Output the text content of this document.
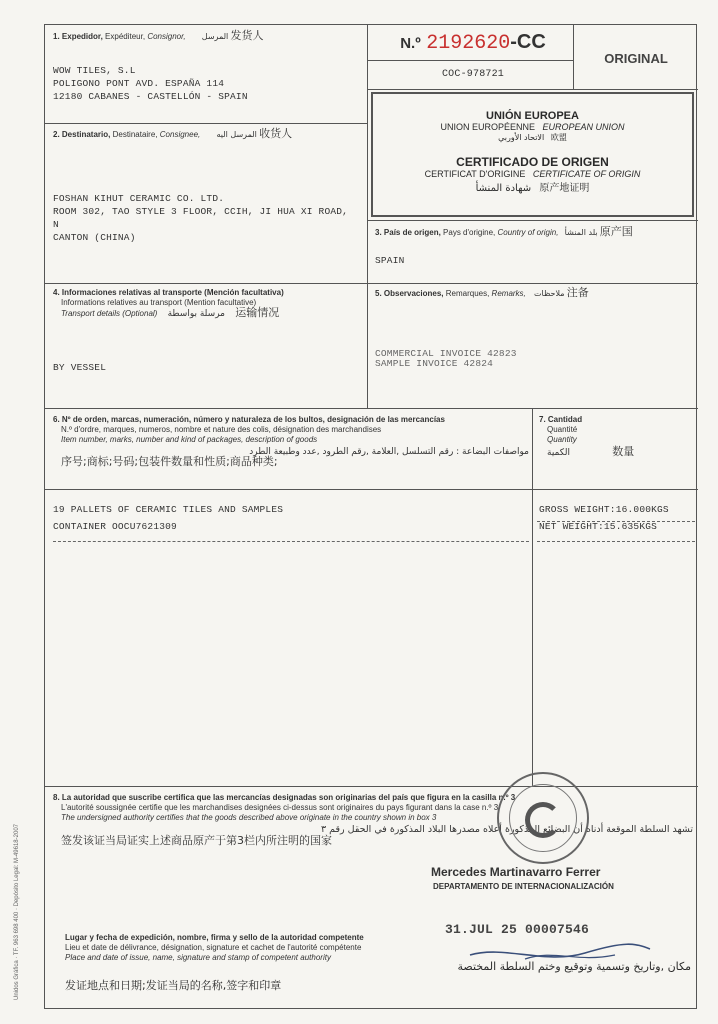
Unidos Gráfica · TF. 963 698 400 · Depósito Legal: M-49618-2007
1. Expedidor, Expéditeur, Consignor, المرسل 发货人
WOW TILES, S.L
POLIGONO PONT AVD. ESPAÑA 114
12180 CABANES - CASTELLÓN - SPAIN
2. Destinatario, Destinataire, Consignee, المرسل اليه 收货人
FOSHAN KIHUT CERAMIC CO. LTD.
ROOM 302, TAO STYLE 3 FLOOR, CCIH, JI HUA XI ROAD,
N
CANTON (CHINA)
N.º 2192620-CC
COC-978721
ORIGINAL
UNIÓN EUROPEA
UNION EUROPÉENNE EUROPEAN UNION
الاتحاد الأوربي 欧盟
CERTIFICADO DE ORIGEN
CERTIFICAT D'ORIGINE CERTIFICATE OF ORIGIN
شهادة المنشأ 原产地证明
3. País de origen, Pays d'origine, Country of origin, بلد المنشأ 原产国
SPAIN
4. Informaciones relativas al transporte (Mención facultativa)
Informations relatives au transport (Mention facultative)
Transport details (Optional) مرسلة بواسطة 运输情况
BY VESSEL
5. Observaciones, Remarques, Remarks, ملاحظات 注备
COMMERCIAL INVOICE 42823
SAMPLE INVOICE 42824
6. Nº de orden, marcas, numeración, número y naturaleza de los bultos, designación de las mercancías
N.º d'ordre, marques, numeros, nombre et nature des colis, désignation des marchandises
Item number, marks, number and kind of packages, description of goods
مواصفات البضاعة : رقم التسلسل ,العلامة ,رقم الطرود ,عدد وطبيعة الطرد
序号;商标;号码;包装件数量和性质;商品种类;
7. Cantidad
Quantité
Quantity
الكمية	数量
19 PALLETS OF CERAMIC TILES AND SAMPLES
CONTAINER OOCU7621309
GROSS WEIGHT:16.000KGS
NET WEIGHT:15.635KGS
8. La autoridad que suscribe certifica que las mercancías designadas son originarias del país que figura en la casilla n.º 3
L'autorité soussignée certifie que les marchandises designées ci-dessus sont originaires du pays figurant dans la case n.º 3
The undersigned authority certifies that the goods described above originate in the country shown in box 3
تشهد السلطة الموقعة أدناه أن البضائع المذكورة أعلاه مصدرها البلاد المذكورة في الحقل رقم ٣
签发该证当局证实上述商品原产于第3栏内所注明的国家
Mercedes Martinavarro Ferrer
DEPARTAMENTO DE INTERNACIONALIZACIÓN
Lugar y fecha de expedición, nombre, firma y sello de la autoridad competente
Lieu et date de délivrance, désignation, signature et cachet de l'autorité compétente
Place and date of issue, name, signature and stamp of competent authority
发证地点和日期;发证当局的名称,签字和印章
مكان ,وتاريخ وتسمية وتوقيع وختم السلطة المختصة
31.JUL 25 00007546
